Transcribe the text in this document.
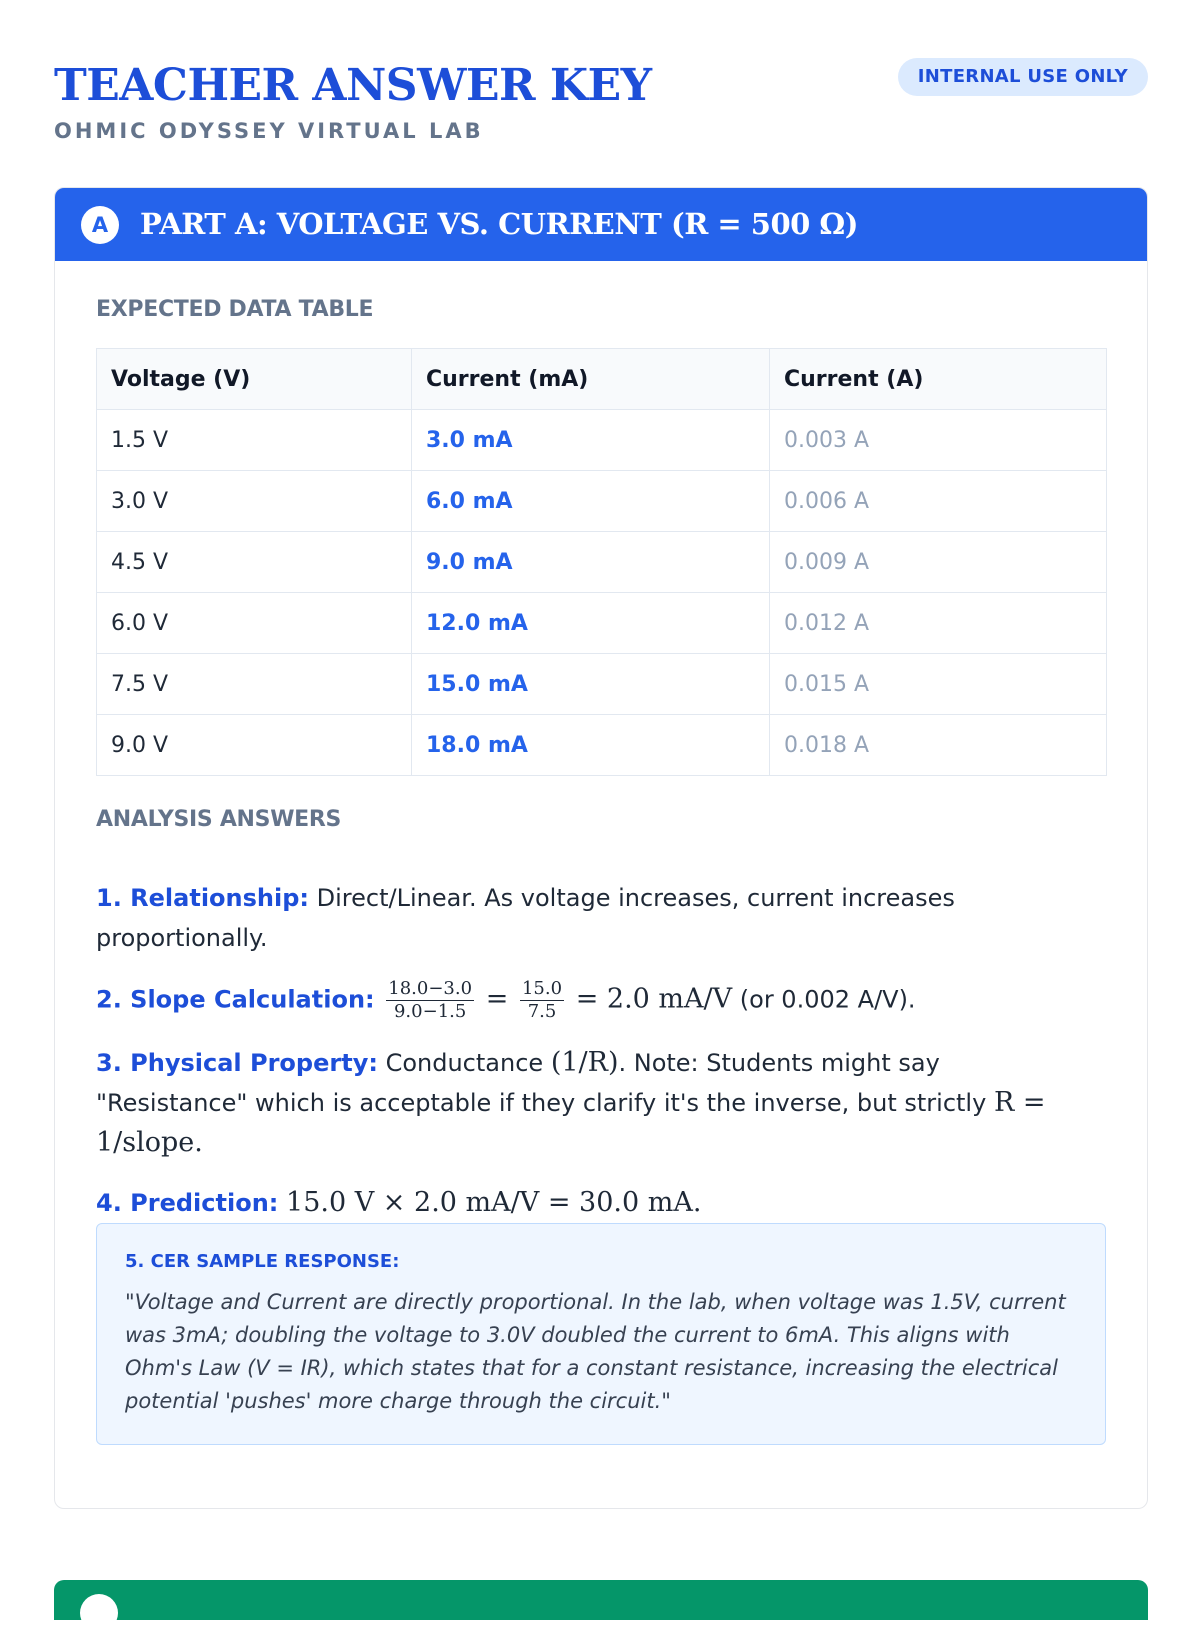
TEACHER ANSWER KEY
OHMIC ODYSSEY VIRTUAL LAB
INTERNAL USE ONLY
A	PART A: VOLTAGE VS. CURRENT (R = 500 Ω)
EXPECTED DATA TABLE
Voltage (V)	Current (mA)	Current (A)
1.5 V	3.0 mA	0.003 A
3.0 V	6.0 mA	0.006 A
4.5 V	9.0 mA	0.009 A
6.0 V	12.0 mA	0.012 A
7.5 V	15.0 mA	0.015 A
9.0 V	18.0 mA	0.018 A
ANALYSIS ANSWERS

1. Relationship: Direct/Linear. As voltage increases, current increases proportionally.

2. Slope Calculation: $\frac{18.0-3.0}{9.0-1.5} = \frac{15.0}{7.5} = 2.0$ mA/V (or 0.002 A/V).

3. Physical Property: Conductance (1/R). Note: Students might say "Resistance" which is acceptable if they clarify it's the inverse, but strictly R = 1/slope.

4. Prediction: 15.0 V × 2.0 mA/V = 30.0 mA.

5. CER SAMPLE RESPONSE:
"Voltage and Current are directly proportional. In the lab, when voltage was 1.5V, current was 3mA; doubling the voltage to 3.0V doubled the current to 6mA. This aligns with Ohm's Law (V = IR), which states that for a constant resistance, increasing the electrical potential 'pushes' more charge through the circuit."
